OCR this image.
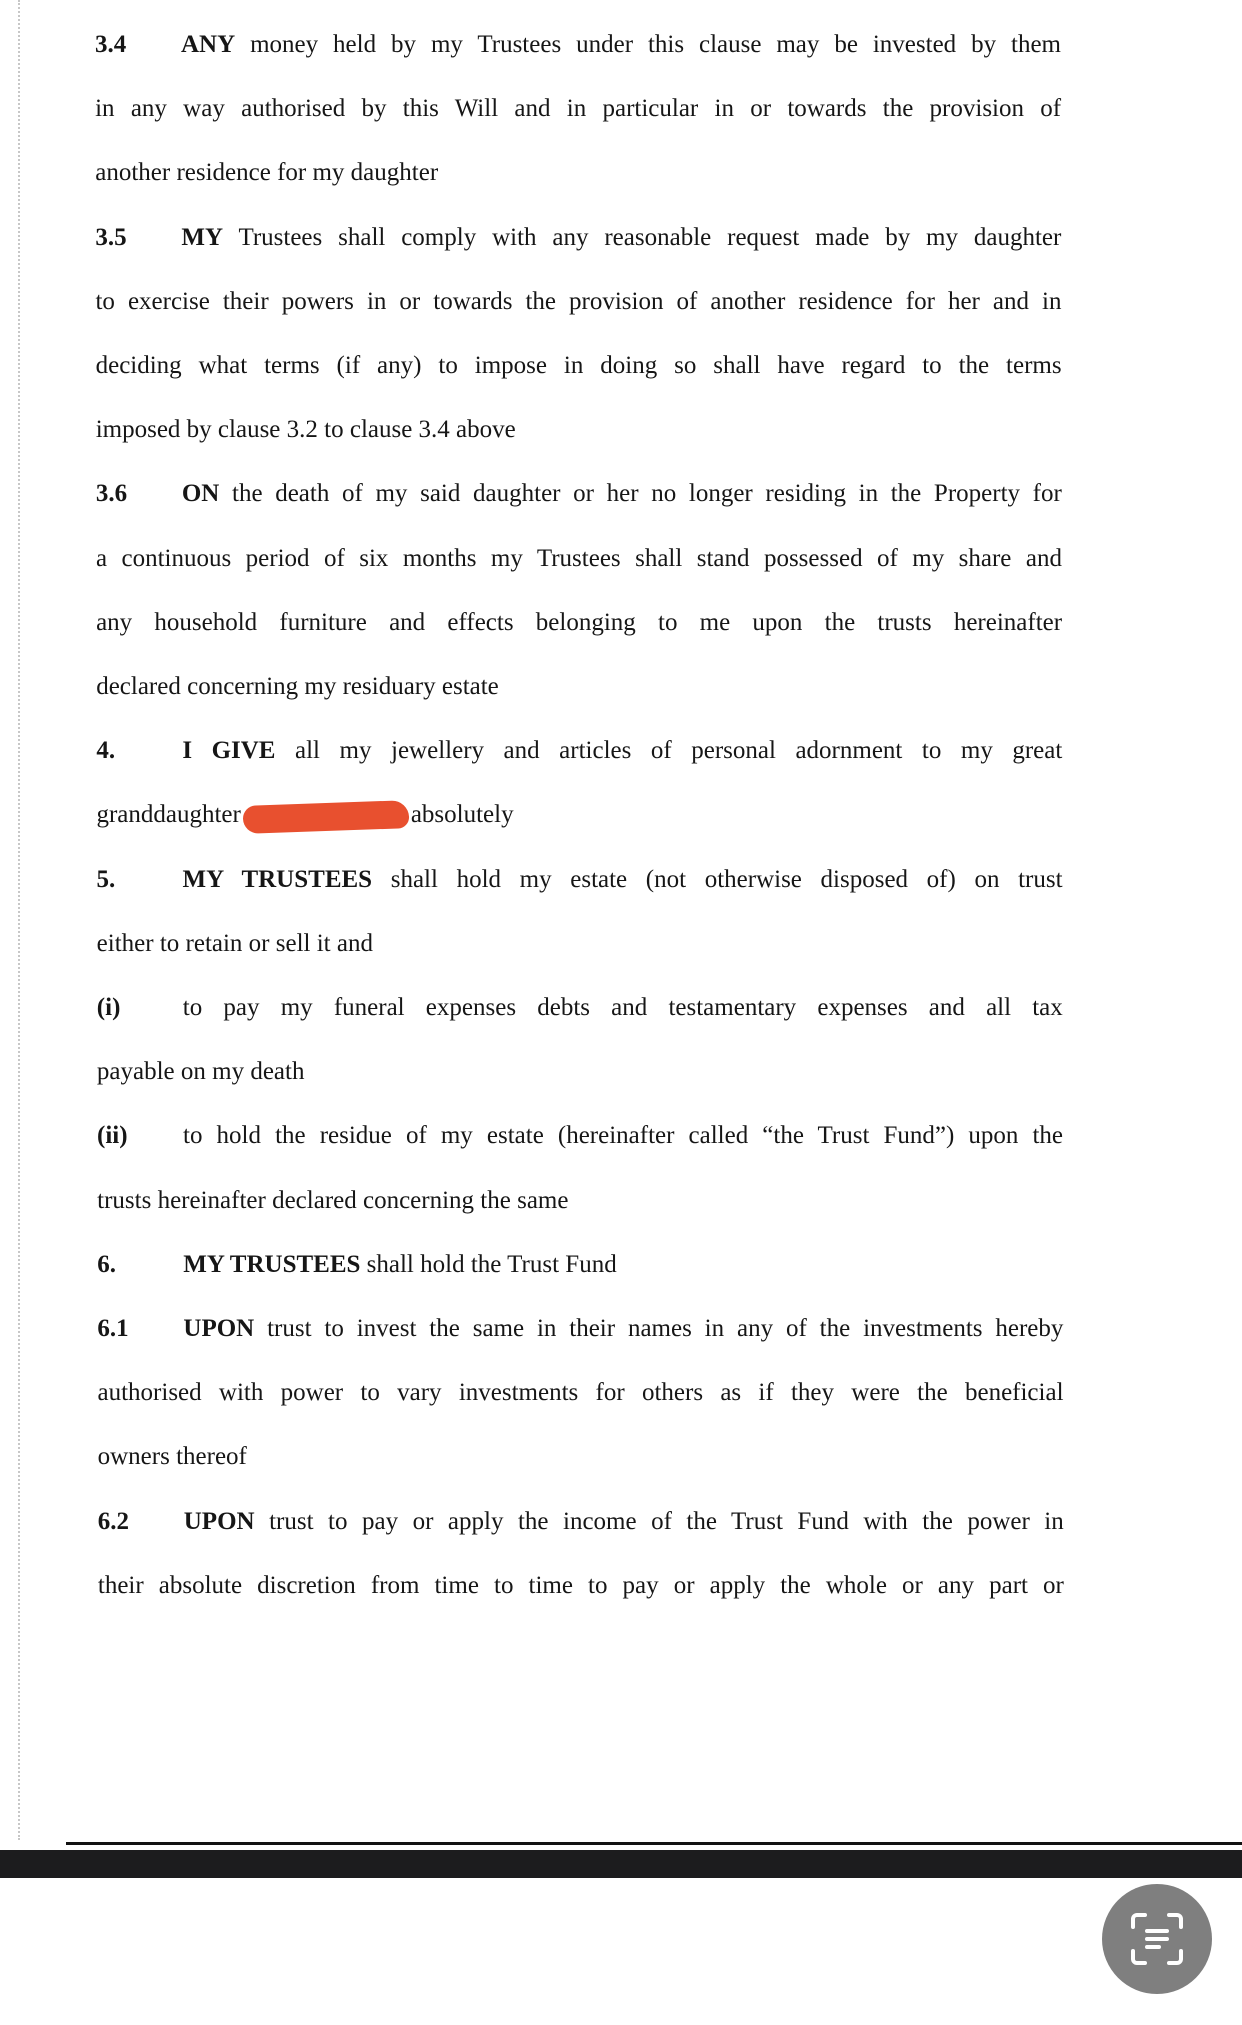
3.4 ANY money held by my Trustees under this clause may be invested by them
in any way authorised by this Will and in particular in or towards the provision of
another residence for my daughter
3.5 MY Trustees shall comply with any reasonable request made by my daughter
to exercise their powers in or towards the provision of another residence for her and in
deciding what terms (if any) to impose in doing so shall have regard to the terms
imposed by clause 3.2 to clause 3.4 above
3.6 ON the death of my said daughter or her no longer residing in the Property for
a continuous period of six months my Trustees shall stand possessed of my share and
any household furniture and effects belonging to me upon the trusts hereinafter
declared concerning my residuary estate
4.	I GIVE all my jewellery and articles of personal adornment to my great
granddaughter	absolutely
5.	MY TRUSTEES shall hold my estate (not otherwise disposed of) on trust
either to retain or sell it and
(i) to pay my funeral expenses debts and testamentary expenses and all tax
payable on my death
(ii) to hold the residue of my estate (hereinafter called “the Trust Fund”) upon the
trusts hereinafter declared concerning the same
6.	MY TRUSTEES shall hold the Trust Fund
6.1 UPON trust to invest the same in their names in any of the investments hereby
authorised with power to vary investments for others as if they were the beneficial
owners thereof
6.2 UPON trust to pay or apply the income of the Trust Fund with the power in
their absolute discretion from time to time to pay or apply the whole or any part or
